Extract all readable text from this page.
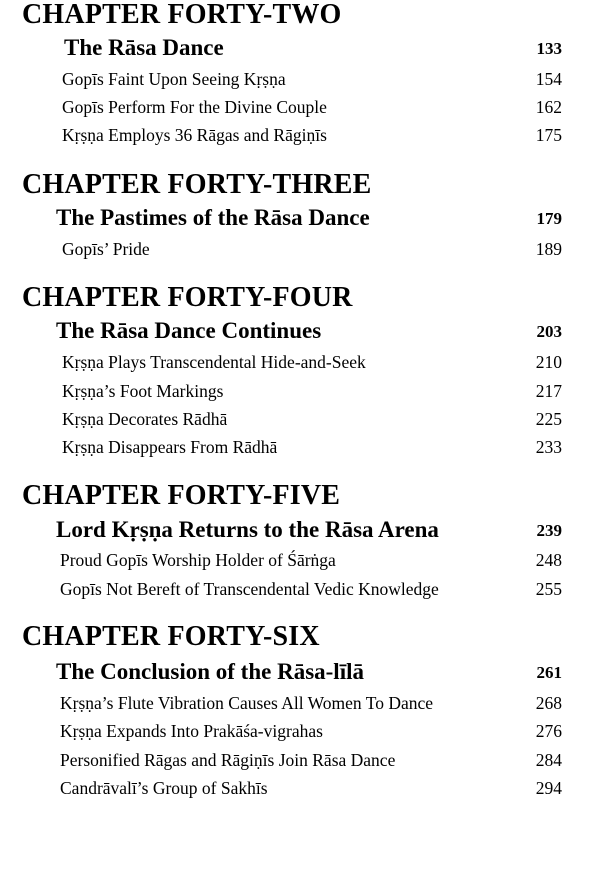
CHAPTER FORTY-TWO
The Rāsa Dance	133
Gopīs Faint Upon Seeing Kṛṣṇa	154
Gopīs Perform For the Divine Couple	162
Kṛṣṇa Employs 36 Rāgas and Rāgiṇīs	175
CHAPTER FORTY-THREE
The Pastimes of the Rāsa Dance	179
Gopīs’ Pride	189
CHAPTER FORTY-FOUR
The Rāsa Dance Continues	203
Kṛṣṇa Plays Transcendental Hide-and-Seek	210
Kṛṣṇa’s Foot Markings	217
Kṛṣṇa Decorates Rādhā	225
Kṛṣṇa Disappears From Rādhā	233
CHAPTER FORTY-FIVE
Lord Kṛṣṇa Returns to the Rāsa Arena	239
Proud Gopīs Worship Holder of Śārṅga	248
Gopīs Not Bereft of Transcendental Vedic Knowledge	255
CHAPTER FORTY-SIX
The Conclusion of the Rāsa-līlā	261
Kṛṣṇa’s Flute Vibration Causes All Women To Dance	268
Kṛṣṇa Expands Into Prakāśa-vigrahas	276
Personified Rāgas and Rāgiṇīs Join Rāsa Dance	284
Candrāvalī’s Group of Sakhīs	294
